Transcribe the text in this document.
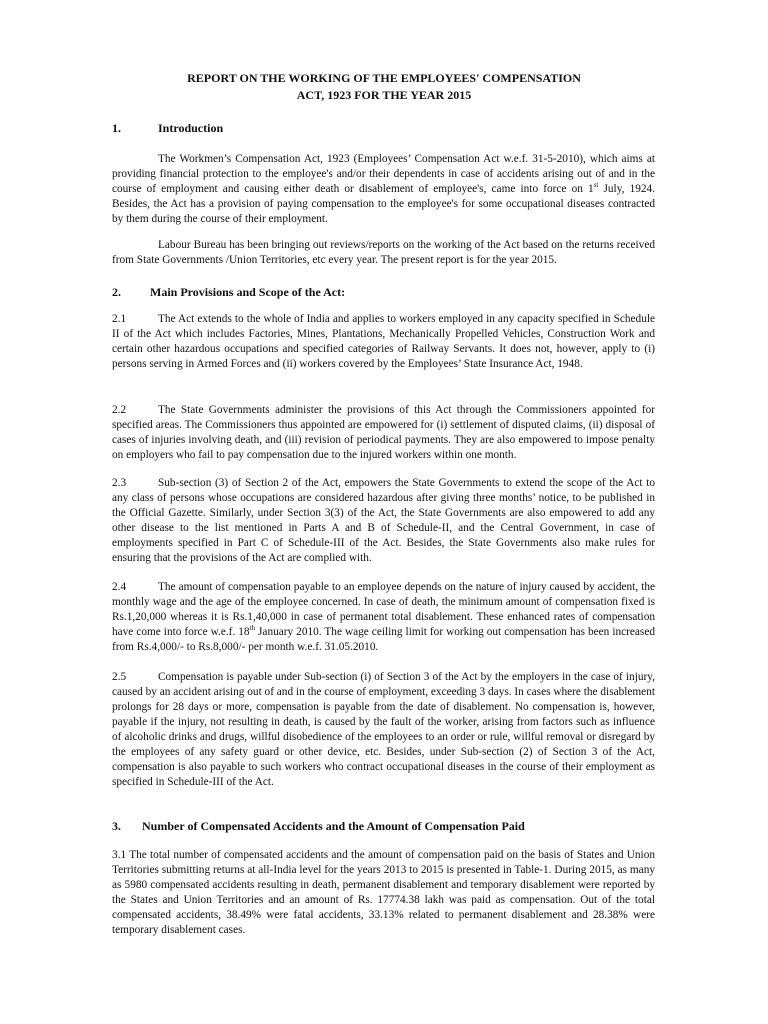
REPORT ON THE WORKING OF THE EMPLOYEES' COMPENSATION
ACT, 1923 FOR THE YEAR 2015
1.	Introduction

The Workmen’s Compensation Act, 1923 (Employees’ Compensation Act w.e.f. 31-5-2010), which aims at providing financial protection to the employee's and/or their dependents in case of accidents arising out of and in the course of employment and causing either death or disablement of employee's, came into force on 1st July, 1924. Besides, the Act has a provision of paying compensation to the employee's for some occupational diseases contracted by them during the course of their employment.

Labour Bureau has been bringing out reviews/reports on the working of the Act based on the returns received from State Governments /Union Territories, etc every year. The present report is for the year 2015.

2. Main Provisions and Scope of the Act:

2.1	The Act extends to the whole of India and applies to workers employed in any capacity specified in Schedule II of the Act which includes Factories, Mines, Plantations, Mechanically Propelled Vehicles, Construction Work and certain other hazardous occupations and specified categories of Railway Servants. It does not, however, apply to (i) persons serving in Armed Forces and (ii) workers covered by the Employees’ State Insurance Act, 1948.

2.2	The State Governments administer the provisions of this Act through the Commissioners appointed for specified areas. The Commissioners thus appointed are empowered for (i) settlement of disputed claims, (ii) disposal of cases of injuries involving death, and (iii) revision of periodical payments. They are also empowered to impose penalty on employers who fail to pay compensation due to the injured workers within one month.

2.3	Sub-section (3) of Section 2 of the Act, empowers the State Governments to extend the scope of the Act to any class of persons whose occupations are considered hazardous after giving three months’ notice, to be published in the Official Gazette. Similarly, under Section 3(3) of the Act, the State Governments are also empowered to add any other disease to the list mentioned in Parts A and B of Schedule-II, and the Central Government, in case of employments specified in Part C of Schedule-III of the Act. Besides, the State Governments also make rules for ensuring that the provisions of the Act are complied with.

2.4	The amount of compensation payable to an employee depends on the nature of injury caused by accident, the monthly wage and the age of the employee concerned. In case of death, the minimum amount of compensation fixed is Rs.1,20,000 whereas it is Rs.1,40,000 in case of permanent total disablement. These enhanced rates of compensation have come into force w.e.f. 18th January 2010. The wage ceiling limit for working out compensation has been increased from Rs.4,000/- to Rs.8,000/- per month w.e.f. 31.05.2010.

2.5	Compensation is payable under Sub-section (i) of Section 3 of the Act by the employers in the case of injury, caused by an accident arising out of and in the course of employment, exceeding 3 days. In cases where the disablement prolongs for 28 days or more, compensation is payable from the date of disablement. No compensation is, however, payable if the injury, not resulting in death, is caused by the fault of the worker, arising from factors such as influence of alcoholic drinks and drugs, willful disobedience of the employees to an order or rule, willful removal or disregard by the employees of any safety guard or other device, etc. Besides, under Sub-section (2) of Section 3 of the Act, compensation is also payable to such workers who contract occupational diseases in the course of their employment as specified in Schedule-III of the Act.

3. Number of Compensated Accidents and the Amount of Compensation Paid

3.1 The total number of compensated accidents and the amount of compensation paid on the basis of States and Union Territories submitting returns at all-India level for the years 2013 to 2015 is presented in Table-1. During 2015, as many as 5980 compensated accidents resulting in death, permanent disablement and temporary disablement were reported by the States and Union Territories and an amount of Rs. 17774.38 lakh was paid as compensation. Out of the total compensated accidents, 38.49% were fatal accidents, 33.13% related to permanent disablement and 28.38% were temporary disablement cases.
